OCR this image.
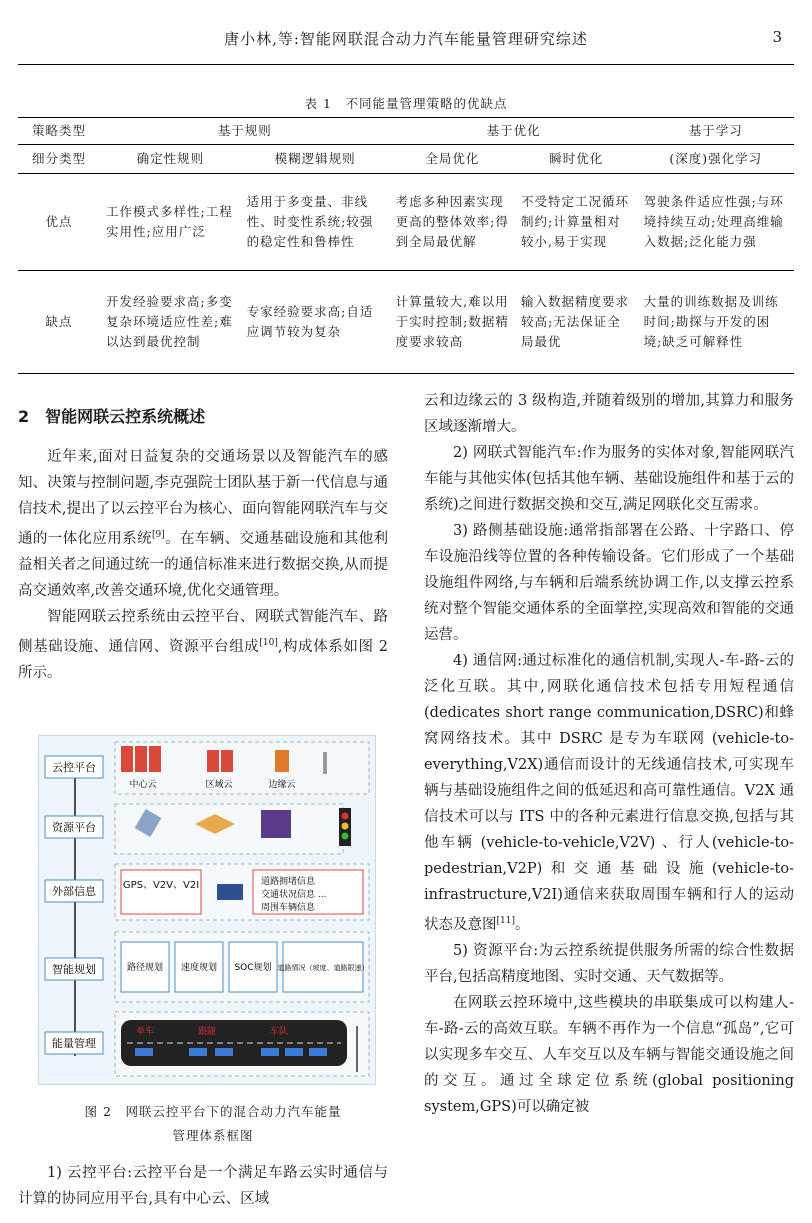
唐小林,等:智能网联混合动力汽车能量管理研究综述	3
表 1　不同能量管理策略的优缺点
策略类型	基于规则		基于优化		基于学习
细分类型	确定性规则	模糊逻辑规则	全局优化	瞬时优化	(深度)强化学习
优点	工作模式多样性;工程实用性;应用广泛	适用于多变量、非线性、时变性系统;较强的稳定性和鲁棒性	考虑多种因素实现更高的整体效率;得到全局最优解	不受特定工况循环制约;计算量相对较小,易于实现	驾驶条件适应性强;与环境持续互动;处理高维输入数据;泛化能力强
缺点	开发经验要求高;多变复杂环境适应性差;难以达到最优控制	专家经验要求高;自适应调节较为复杂	计算量较大,难以用于实时控制;数据精度要求较高	输入数据精度要求较高;无法保证全局最优	大量的训练数据及训练时间;勘探与开发的困境;缺乏可解释性

2　智能网联云控系统概述

近年来,面对日益复杂的交通场景以及智能汽车的感知、决策与控制问题,李克强院士团队基于新一代信息与通信技术,提出了以云控平台为核心、面向智能网联汽车与交通的一体化应用系统[9]。在车辆、交通基础设施和其他利益相关者之间通过统一的通信标准来进行数据交换,从而提高交通效率,改善交通环境,优化交通管理。

智能网联云控系统由云控平台、网联式智能汽车、路侧基础设施、通信网、资源平台组成[10],构成体系如图 2 所示。

云控平台
资源平台
外部信息
智能规划
能量管理
中心云	区域云	边缘云
GPS、V2V、V2I	道路拥堵信息
交通状况信息 ...
周围车辆信息
路径规划 速度规划 SOC规划 道路情况（坡度、道路限速）
单车	跟随	车队
图 2　网联云控平台下的混合动力汽车能量
管理体系框图

1) 云控平台:云控平台是一个满足车路云实时通信与计算的协同应用平台,具有中心云、区域

云和边缘云的 3 级构造,并随着级别的增加,其算力和服务区域逐渐增大。

2) 网联式智能汽车:作为服务的实体对象,智能网联汽车能与其他实体(包括其他车辆、基础设施组件和基于云的系统)之间进行数据交换和交互,满足网联化交互需求。

3) 路侧基础设施:通常指部署在公路、十字路口、停车设施沿线等位置的各种传输设备。它们形成了一个基础设施组件网络,与车辆和后端系统协调工作,以支撑云控系统对整个智能交通体系的全面掌控,实现高效和智能的交通运营。

4) 通信网:通过标准化的通信机制,实现人-车-路-云的泛化互联。其中,网联化通信技术包括专用短程通信(dedicates short range communication,DSRC)和蜂窝网络技术。其中 DSRC 是专为车联网 (vehicle-to-everything,V2X)通信而设计的无线通信技术,可实现车辆与基础设施组件之间的低延迟和高可靠性通信。V2X 通信技术可以与 ITS 中的各种元素进行信息交换,包括与其他车辆 (vehicle-to-vehicle,V2V) 、行人(vehicle-to-pedestrian,V2P)和交通基础设施(vehicle-to-infrastructure,V2I)通信来获取周围车辆和行人的运动状态及意图[11]。

5) 资源平台:为云控系统提供服务所需的综合性数据平台,包括高精度地图、实时交通、天气数据等。

在网联云控环境中,这些模块的串联集成可以构建人-车-路-云的高效互联。车辆不再作为一个信息“孤岛”,它可以实现多车交互、人车交互以及车辆与智能交通设施之间的交互。通过全球定位系统(global positioning system,GPS)可以确定被
